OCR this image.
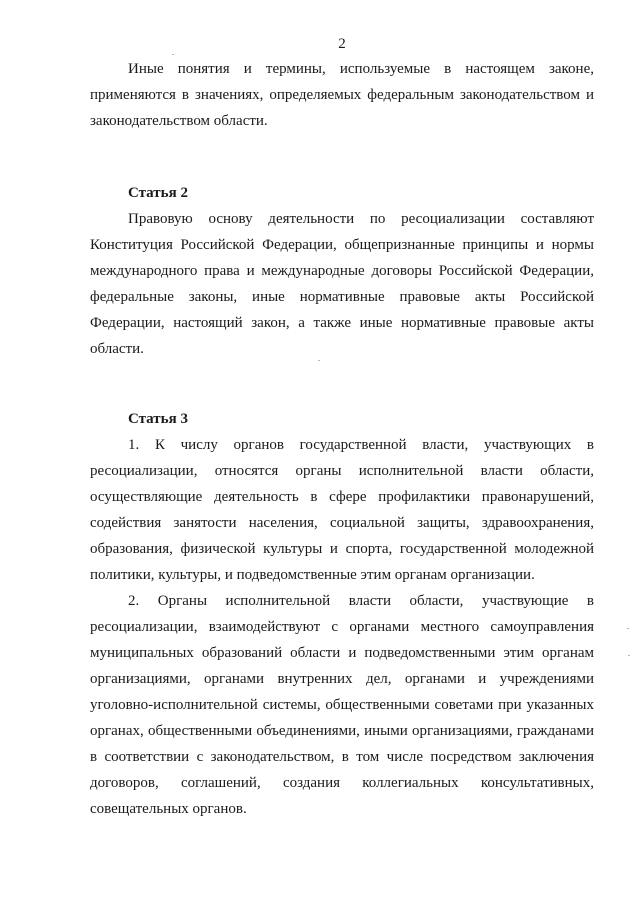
2

Иные понятия и термины, используемые в настоящем законе, применяются в значениях, определяемых федеральным законодательством и законодательством области.

Статья 2

Правовую основу деятельности по ресоциализации составляют Конституция Российской Федерации, общепризнанные принципы и нормы международного права и международные договоры Российской Федерации, федеральные законы, иные нормативные правовые акты Российской Федерации, настоящий закон, а также иные нормативные правовые акты области.

Статья 3

1. К числу органов государственной власти, участвующих в ресоциализации, относятся органы исполнительной власти области, осуществляющие деятельность в сфере профилактики правонарушений, содействия занятости населения, социальной защиты, здравоохранения, образования, физической культуры и спорта, государственной молодежной политики, культуры, и подведомственные этим органам организации.

2. Органы исполнительной власти области, участвующие в ресоциализации, взаимодействуют с органами местного самоуправления муниципальных образований области и подведомственными этим органам организациями, органами внутренних дел, органами и учреждениями уголовно-исполнительной системы, общественными советами при указанных органах, общественными объединениями, иными организациями, гражданами в соответствии с законодательством, в том числе посредством заключения договоров, соглашений, создания коллегиальных консультативных, совещательных органов.
